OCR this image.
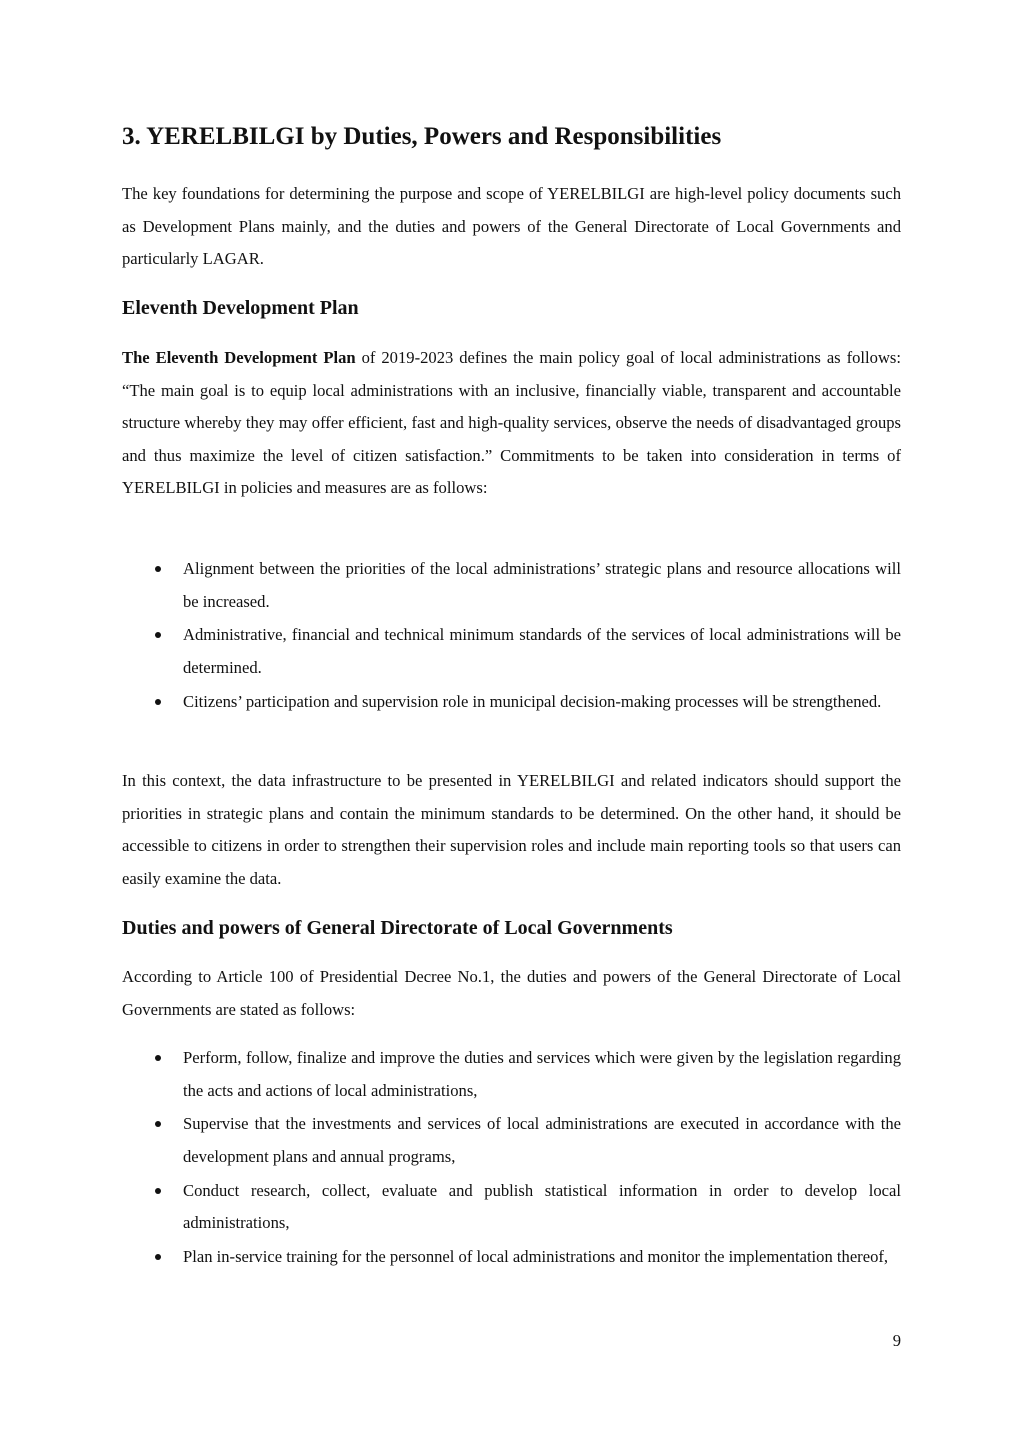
3. YERELBILGI by Duties, Powers and Responsibilities

The key foundations for determining the purpose and scope of YERELBILGI are high-level policy documents such as Development Plans mainly, and the duties and powers of the General Directorate of Local Governments and particularly LAGAR.

Eleventh Development Plan

The Eleventh Development Plan of 2019-2023 defines the main policy goal of local administrations as follows: “The main goal is to equip local administrations with an inclusive, financially viable, transparent and accountable structure whereby they may offer efficient, fast and high-quality services, observe the needs of disadvantaged groups and thus maximize the level of citizen satisfaction.” Commitments to be taken into consideration in terms of YERELBILGI in policies and measures are as follows:

Alignment between the priorities of the local administrations’ strategic plans and resource allocations will be increased.
Administrative, financial and technical minimum standards of the services of local administrations will be determined.
Citizens’ participation and supervision role in municipal decision-making processes will be strengthened.

In this context, the data infrastructure to be presented in YERELBILGI and related indicators should support the priorities in strategic plans and contain the minimum standards to be determined. On the other hand, it should be accessible to citizens in order to strengthen their supervision roles and include main reporting tools so that users can easily examine the data.

Duties and powers of General Directorate of Local Governments

According to Article 100 of Presidential Decree No.1, the duties and powers of the General Directorate of Local Governments are stated as follows:

Perform, follow, finalize and improve the duties and services which were given by the legislation regarding the acts and actions of local administrations,
Supervise that the investments and services of local administrations are executed in accordance with the development plans and annual programs,
Conduct research, collect, evaluate and publish statistical information in order to develop local administrations,
Plan in-service training for the personnel of local administrations and monitor the implementation thereof,
9
